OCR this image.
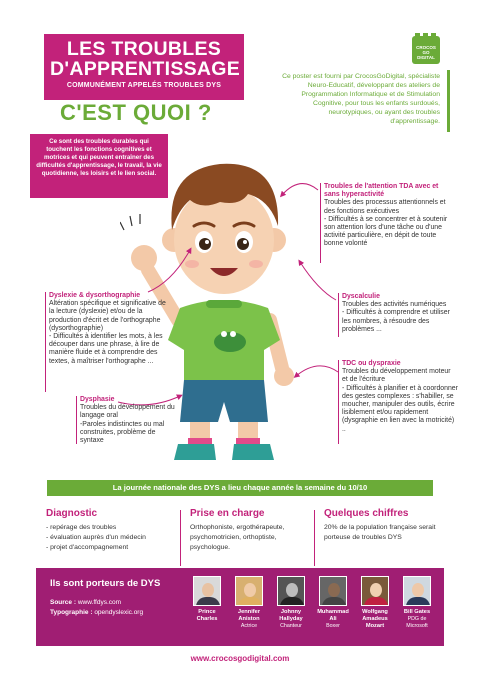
LES TROUBLES
D'APPRENTISSAGE
COMMUNÉMENT APPELÉS TROUBLES DYS
C'EST QUOI ?
CROCOS
GO
DIGITAL
Ce poster est fourni par CrocosGoDigital, spécialiste Neuro-Educatif, développant des ateliers de Programmation Informatique et de Stimulation Cognitive, pour tous les enfants surdoués, neurotypiques, ou ayant des troubles d'apprentissage.
Ce sont des troubles durables qui touchent les fonctions cognitives et motrices et qui peuvent entraîner des difficultés d'apprentissage, le travail, la vie quotidienne, les loisirs et le lien social.
Troubles de l'attention TDA avec et sans hyperactivité
Troubles des processus attentionnels et des fonctions exécutives
- Difficultés à se concentrer et à soutenir son attention lors d'une tâche ou d'une activité particulière, en dépit de toute bonne volonté
Dyslexie & dysorthographie
Altération spécifique et significative de la lecture (dyslexie) et/ou de la production d'écrit et de l'orthographe (dysorthographie)
- Difficultés à identifier les mots, à les découper dans une phrase, à lire de manière fluide et à comprendre des textes, à maîtriser l'orthographe ...
Dyscalculie
Troubles des activités numériques
- Difficultés à comprendre et utiliser les nombres, à résoudre des problèmes ...
TDC ou dyspraxie
Troubles du développement moteur et de l'écriture
- Difficultés à planifier et à coordonner des gestes complexes : s'habiller, se moucher, manipuler des outils, écrire lisiblement et/ou rapidement (dysgraphie en lien avec la motricité) ..
Dysphasie
Troubles du développement du langage oral
-Paroles indistinctes ou mal construites, problème de syntaxe
La journée nationale des DYS a lieu chaque année la semaine du 10/10
Diagnostic
- repérage des troubles
- évaluation auprès d'un médecin
- projet d'accompagnement
Prise en charge
Orthophoniste, ergothérapeute, psychomotricien, orthoptiste, psychologue.
Quelques chiffres
20% de la population française serait porteuse de troubles DYS
Ils sont porteurs de DYS
Source : www.ffdys.com
Typographie : opendyslexic.org	Prince
Charles
Jennifer
Aniston
Actrice
Johnny
Hallyday
Chanteur
Muhammad
Ali
Boxer
Wolfgang
Amadeus
Mozart
Bill Gates
PDG de
Microsoft
www.crocosgodigital.com
